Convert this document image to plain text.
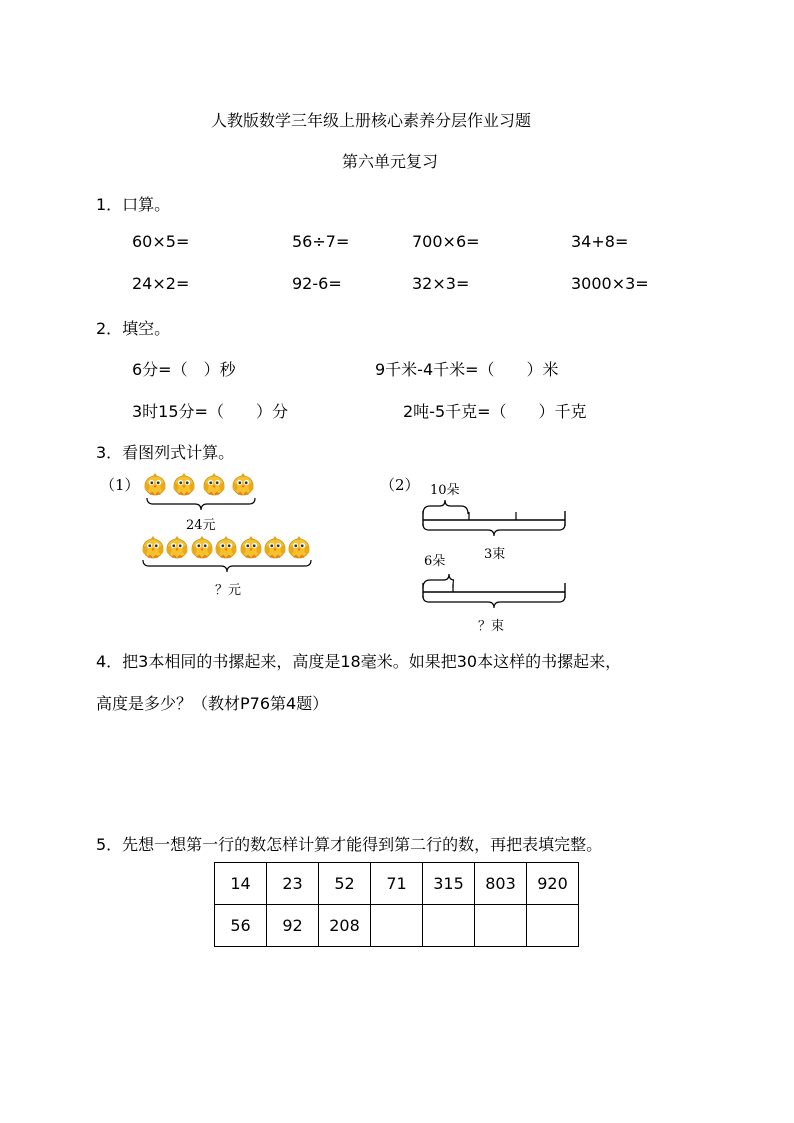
人教版数学三年级上册核心素养分层作业习题
第六单元复习
1．口算。
60×5=	56÷7=	700×6=	34+8=
24×2=	92-6=	32×3=	3000×3=
2．填空。
6分=（　）秒	9千米-4千米=（　　）米
3时15分=（　　）分	2吨-5千克=（　　）千克
3．看图列式计算。
（1）
24元
？元
（2） 10朵
3束
6朵
？束
4．把3本相同的书摞起来，高度是18毫米。如果把30本这样的书摞起来，
高度是多少？（教材P76第4题）
5．先想一想第一行的数怎样计算才能得到第二行的数，再把表填完整。
14	23	52	71	315	803	920
56	92	208				
